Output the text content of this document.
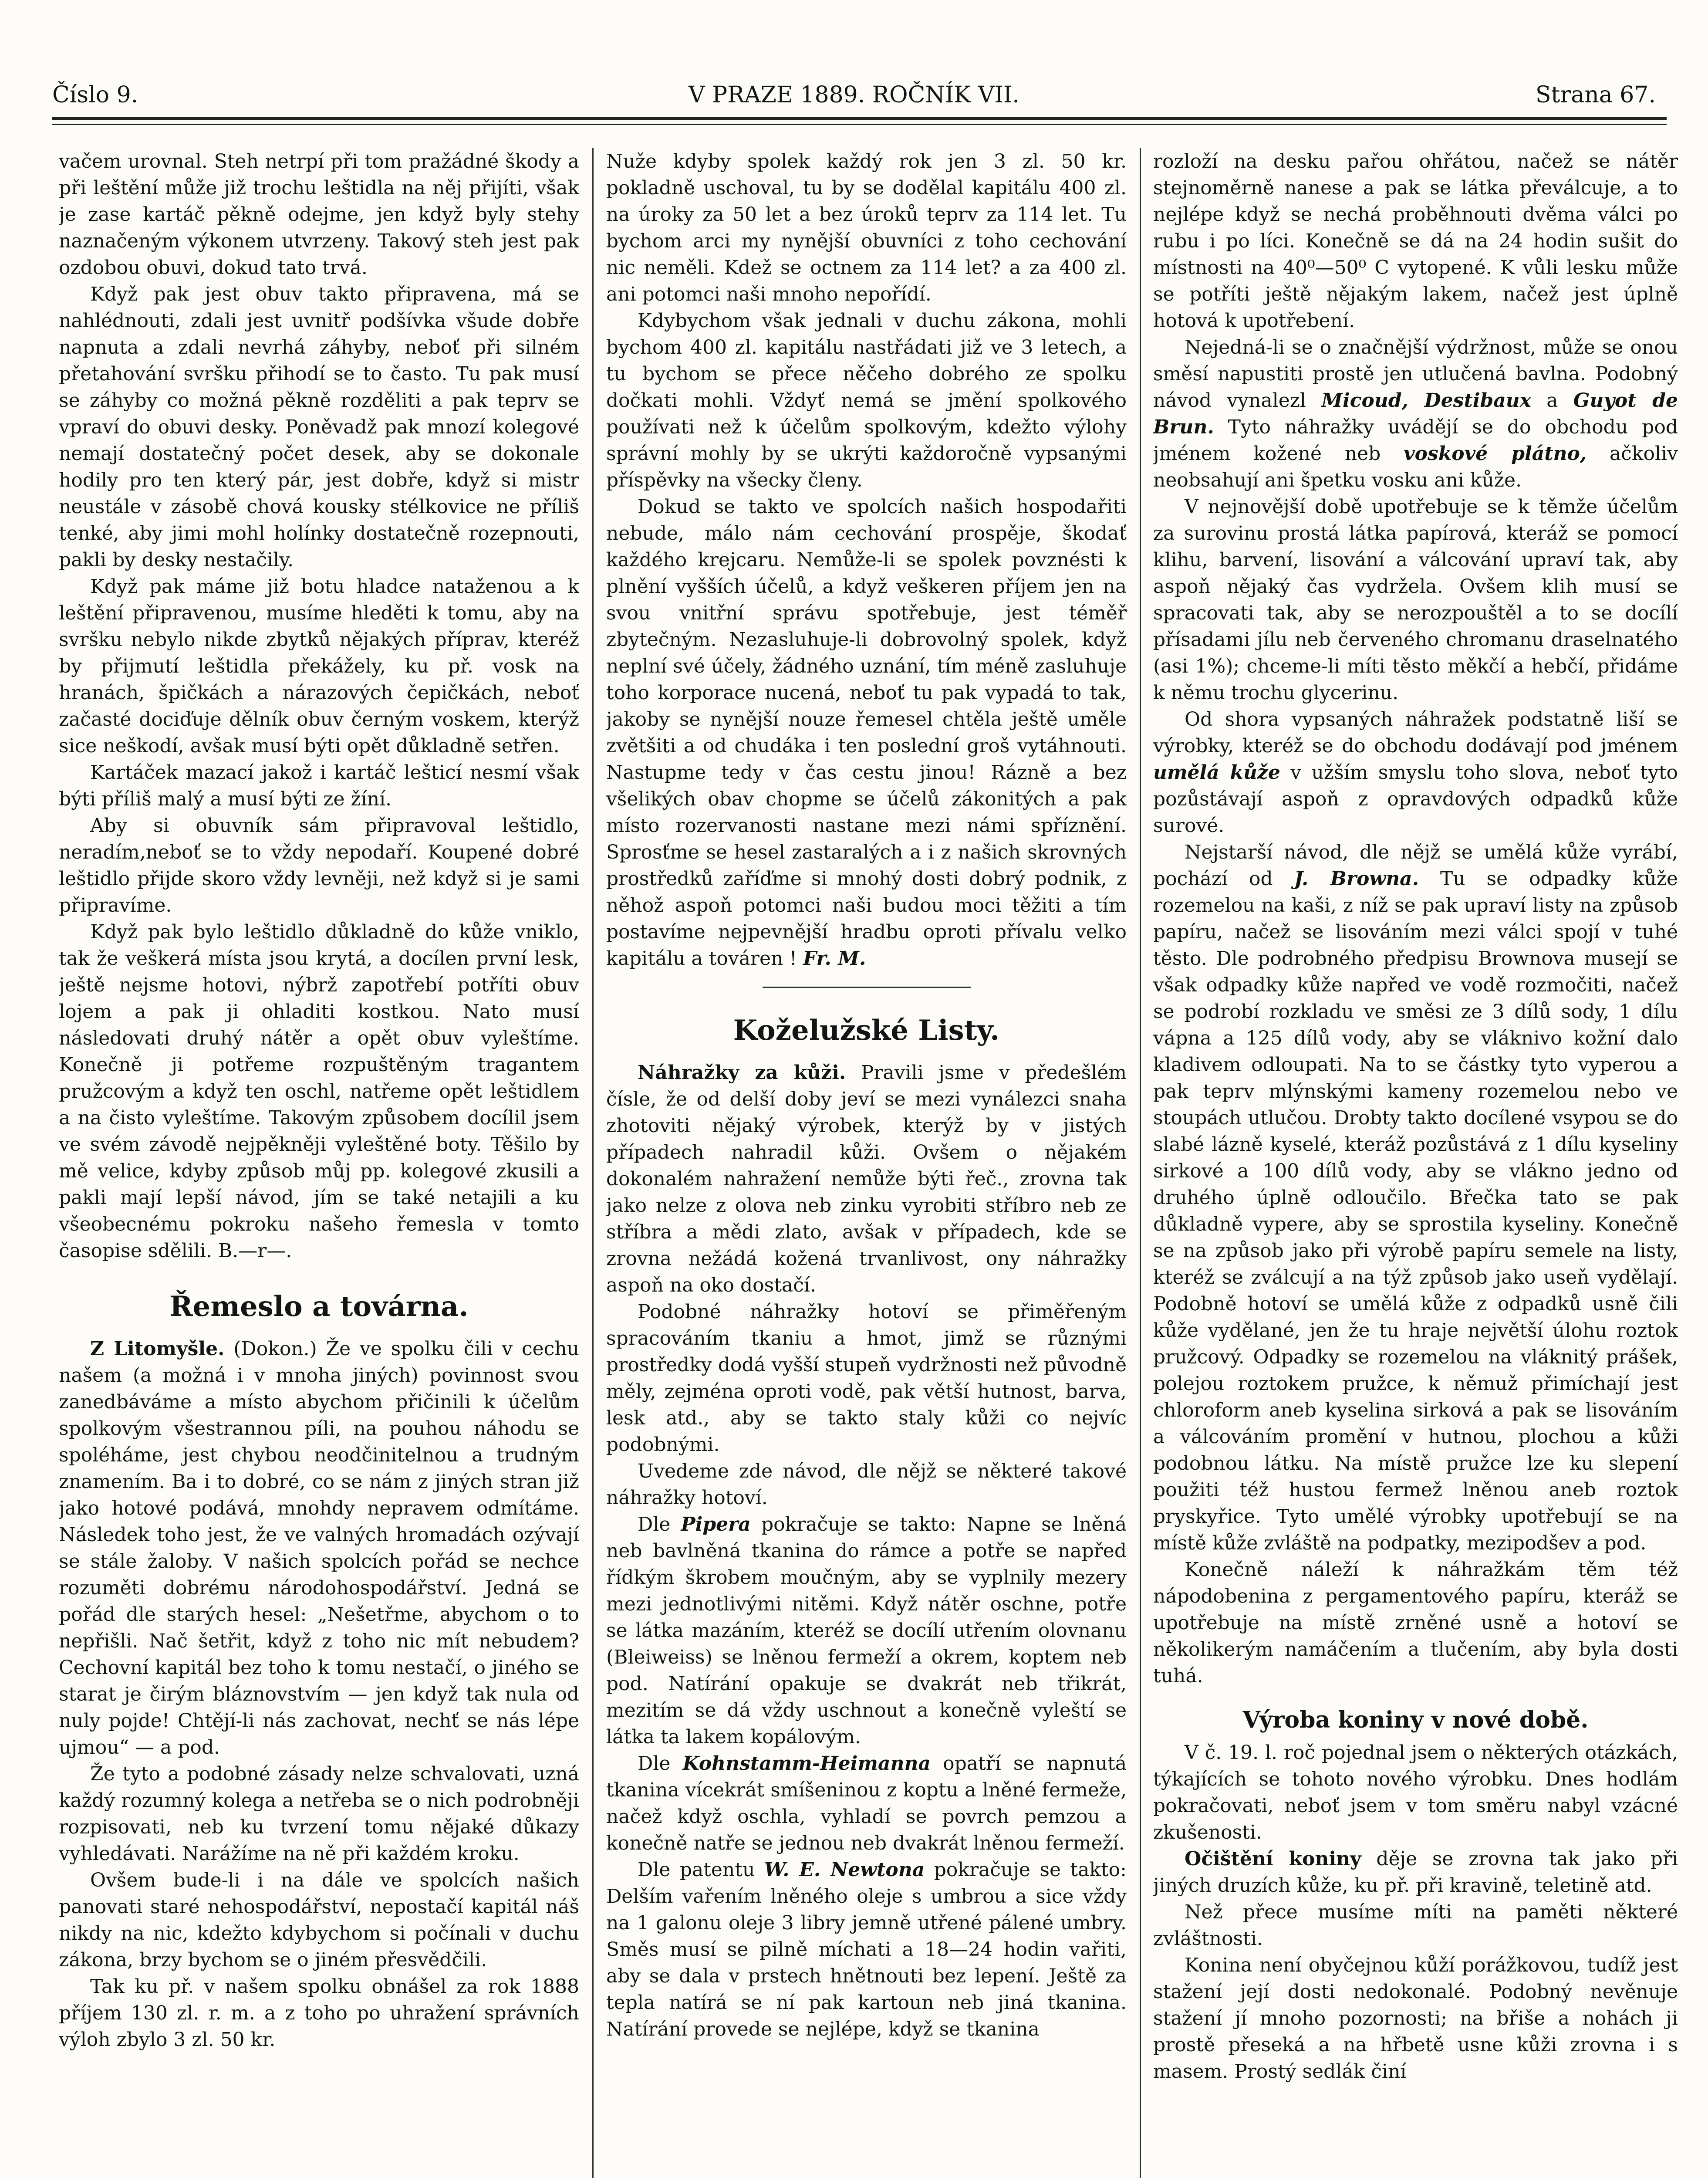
Číslo 9.	V PRAZE 1889. ROČNÍK VII.	Strana 67.

vačem urovnal. Steh netrpí při tom pražádné škody a při leštění může již trochu leštidla na něj přijíti, však je zase kartáč pěkně odejme, jen když byly stehy naznačeným výkonem utvrzeny. Takový steh jest pak ozdobou obuvi, dokud tato trvá.

Když pak jest obuv takto připravena, má se nahlédnouti, zdali jest uvnitř podšívka všude dobře napnuta a zdali nevrhá záhyby, neboť při silném přetahování svršku přihodí se to často. Tu pak musí se záhyby co možná pěkně rozděliti a pak teprv se vpraví do obuvi desky. Poněvadž pak mnozí kolegové nemají dostatečný počet desek, aby se dokonale hodily pro ten který pár, jest dobře, když si mistr neustále v zásobě chová kousky stélkovice ne příliš tenké, aby jimi mohl holínky dostatečně rozepnouti, pakli by desky nestačily.

Když pak máme již botu hladce nataženou a k leštění připravenou, musíme hleděti k tomu, aby na svršku nebylo nikde zbytků nějakých příprav, kteréž by přijmutí leštidla překážely, ku př. vosk na hranách, špičkách a nárazových čepičkách, neboť začasté dociďuje dělník obuv černým voskem, kterýž sice neškodí, avšak musí býti opět důkladně setřen.

Kartáček mazací jakož i kartáč lešticí nesmí však býti příliš malý a musí býti ze žíní.

Aby si obuvník sám připravoval leštidlo, neradím,neboť se to vždy nepodaří. Koupené dobré leštidlo přijde skoro vždy levněji, než když si je sami připravíme.

Když pak bylo leštidlo důkladně do kůže vniklo, tak že veškerá místa jsou krytá, a docílen první lesk, ještě nejsme hotovi, nýbrž zapotřebí potříti obuv lojem a pak ji ohladiti kostkou. Nato musí následovati druhý nátěr a opět obuv vyleštíme. Konečně ji potřeme rozpuštěným tragantem pružcovým a když ten oschl, natřeme opět leštidlem a na čisto vyleštíme. Takovým způsobem docílil jsem ve svém závodě nejpěkněji vyleštěné boty. Těšilo by mě velice, kdyby způsob můj pp. kolegové zkusili a pakli mají lepší návod, jím se také netajili a ku všeobecnému pokroku našeho řemesla v tomto časopise sdělili. B.—r—.

Řemeslo a továrna.

Z Litomyšle. (Dokon.) Že ve spolku čili v cechu našem (a možná i v mnoha jiných) povinnost svou zanedbáváme a místo abychom přičinili k účelům spolkovým všestrannou píli, na pouhou náhodu se spoléháme, jest chybou neodčinitelnou a trudným znamením. Ba i to dobré, co se nám z jiných stran již jako hotové podává, mnohdy nepravem odmítáme. Následek toho jest, že ve valných hromadách ozývají se stále žaloby. V našich spolcích pořád se nechce rozuměti dobrému národohospodářství. Jedná se pořád dle starých hesel: „Nešetřme, abychom o to nepřišli. Nač šetřit, když z toho nic mít nebudem? Cechovní kapitál bez toho k tomu nestačí, o jiného se starat je čirým bláznovstvím — jen když tak nula od nuly pojde! Chtějí-li nás zachovat, nechť se nás lépe ujmou“ — a pod.

Že tyto a podobné zásady nelze schvalovati, uzná každý rozumný kolega a netřeba se o nich podrobněji rozpisovati, neb ku tvrzení tomu nějaké důkazy vyhledávati. Narážíme na ně při každém kroku.

Ovšem bude-li i na dále ve spolcích našich panovati staré nehospodářství, nepostačí kapitál náš nikdy na nic, kdežto kdybychom si počínali v duchu zákona, brzy bychom se o jiném přesvědčili.

Tak ku př. v našem spolku obnášel za rok 1888 příjem 130 zl. r. m. a z toho po uhražení správních výloh zbylo 3 zl. 50 kr.

Nuže kdyby spolek každý rok jen 3 zl. 50 kr. pokladně uschoval, tu by se dodělal kapitálu 400 zl. na úroky za 50 let a bez úroků teprv za 114 let. Tu bychom arci my nynější obuvníci z toho cechování nic neměli. Kdež se octnem za 114 let? a za 400 zl. ani potomci naši mnoho nepořídí.

Kdybychom však jednali v duchu zákona, mohli bychom 400 zl. kapitálu nastřádati již ve 3 letech, a tu bychom se přece něčeho dobrého ze spolku dočkati mohli. Vždyť nemá se jmění spolkového používati než k účelům spolkovým, kdežto výlohy správní mohly by se ukrýti každoročně vypsanými příspěvky na všecky členy.

Dokud se takto ve spolcích našich hospodařiti nebude, málo nám cechování prospěje, škodať každého krejcaru. Nemůže-li se spolek povznésti k plnění vyšších účelů, a když veškeren příjem jen na svou vnitřní správu spotřebuje, jest téměř zbytečným. Nezasluhuje-li dobrovolný spolek, když neplní své účely, žádného uznání, tím méně zasluhuje toho korporace nucená, neboť tu pak vypadá to tak, jakoby se nynější nouze řemesel chtěla ještě uměle zvětšiti a od chudáka i ten poslední groš vytáhnouti. Nastupme tedy v čas cestu jinou! Rázně a bez všelikých obav chopme se účelů zákonitých a pak místo rozervanosti nastane mezi námi spříznění. Sprosťme se hesel zastaralých a i z našich skrovných prostředků zaříďme si mnohý dosti dobrý podnik, z něhož aspoň potomci naši budou moci těžiti a tím postavíme nejpevnější hradbu oproti přívalu velko kapitálu a továren ! Fr. M.

Koželužské Listy.

Náhražky za kůži. Pravili jsme v předešlém čísle, že od delší doby jeví se mezi vynálezci snaha zhotoviti nějaký výrobek, kterýž by v jistých případech nahradil kůži. Ovšem o nějakém dokonalém nahražení nemůže býti řeč., zrovna tak jako nelze z olova neb zinku vyrobiti stříbro neb ze stříbra a mědi zlato, avšak v případech, kde se zrovna nežádá kožená trvanlivost, ony náhražky aspoň na oko dostačí.

Podobné náhražky hotoví se přiměřeným spracováním tkaniu a hmot, jimž se různými prostředky dodá vyšší stupeň vydržnosti než původně měly, zejména oproti vodě, pak větší hutnost, barva, lesk atd., aby se takto staly kůži co nejvíc podobnými.

Uvedeme zde návod, dle nějž se některé takové náhražky hotoví.

Dle Pipera pokračuje se takto: Napne se lněná neb bavlněná tkanina do rámce a potře se napřed řídkým škrobem moučným, aby se vyplnily mezery mezi jednotlivými nitěmi. Když nátěr oschne, potře se látka mazáním, kteréž se docílí utřením olovnanu (Bleiweiss) se lněnou fermeží a okrem, koptem neb pod. Natírání opakuje se dvakrát neb třikrát, mezitím se dá vždy uschnout a konečně vyleští se látka ta lakem kopálovým.

Dle Kohnstamm-Heimanna opatří se napnutá tkanina vícekrát smíšeninou z koptu a lněné fermeže, načež když oschla, vyhladí se povrch pemzou a konečně natře se jednou neb dvakrát lněnou fermeží.

Dle patentu W. E. Newtona pokračuje se takto: Delším vařením lněného oleje s umbrou a sice vždy na 1 galonu oleje 3 libry jemně utřené pálené umbry. Směs musí se pilně míchati a 18—24 hodin vařiti, aby se dala v prstech hnětnouti bez lepení. Ještě za tepla natírá se ní pak kartoun neb jiná tkanina. Natírání provede se nejlépe, když se tkanina

rozloží na desku pařou ohřátou, načež se nátěr stejnoměrně nanese a pak se látka převálcuje, a to nejlépe když se nechá proběhnouti dvěma válci po rubu i po líci. Konečně se dá na 24 hodin sušit do místnosti na 40⁰—50⁰ C vytopené. K vůli lesku může se potříti ještě nějakým lakem, načež jest úplně hotová k upotřebení.

Nejedná-li se o značnější výdržnost, může se onou směsí napustiti prostě jen utlučená bavlna. Podobný návod vynalezl Micoud, Destibaux a Guyot de Brun. Tyto náhražky uvádějí se do obchodu pod jménem kožené neb voskové plátno, ačkoliv neobsahují ani špetku vosku ani kůže.

V nejnovější době upotřebuje se k těmže účelům za surovinu prostá látka papírová, kteráž se pomocí klihu, barvení, lisování a válcování upraví tak, aby aspoň nějaký čas vydržela. Ovšem klih musí se spracovati tak, aby se nerozpouštěl a to se docílí přísadami jílu neb červeného chromanu draselnatého (asi 1%); chceme-li míti těsto měkčí a hebčí, přidáme k němu trochu glycerinu.

Od shora vypsaných náhražek podstatně liší se výrobky, kteréž se do obchodu dodávají pod jménem umělá kůže v užším smyslu toho slova, neboť tyto pozůstávají aspoň z opravdových odpadků kůže surové.

Nejstarší návod, dle nějž se umělá kůže vyrábí, pochází od J. Browna. Tu se odpadky kůže rozemelou na kaši, z níž se pak upraví listy na způsob papíru, načež se lisováním mezi válci spojí v tuhé těsto. Dle podrobného předpisu Brownova musejí se však odpadky kůže napřed ve vodě rozmočiti, načež se podrobí rozkladu ve směsi ze 3 dílů sody, 1 dílu vápna a 125 dílů vody, aby se vláknivo kožní dalo kladivem odloupati. Na to se částky tyto vyperou a pak teprv mlýnskými kameny rozemelou nebo ve stoupách utlučou. Drobty takto docílené vsypou se do slabé lázně kyselé, kteráž pozůstává z 1 dílu kyseliny sirkové a 100 dílů vody, aby se vlákno jedno od druhého úplně odloučilo. Břečka tato se pak důkladně vypere, aby se sprostila kyseliny. Konečně se na způsob jako při výrobě papíru semele na listy, kteréž se zválcují a na týž způsob jako useň vydělají. Podobně hotoví se umělá kůže z odpadků usně čili kůže vydělané, jen že tu hraje největší úlohu roztok pružcový. Odpadky se rozemelou na vláknitý prášek, polejou roztokem pružce, k němuž přimíchají jest chloroform aneb kyselina sirková a pak se lisováním a válcováním promění v hutnou, plochou a kůži podobnou látku. Na místě pružce lze ku slepení použiti též hustou fermež lněnou aneb roztok pryskyřice. Tyto umělé výrobky upotřebují se na místě kůže zvláště na podpatky, mezipodšev a pod.

Konečně náleží k náhražkám těm též nápodobenina z pergamentového papíru, kteráž se upotřebuje na místě zrněné usně a hotoví se několikerým namáčením a tlučením, aby byla dosti tuhá.

Výroba koniny v nové době.

V č. 19. l. roč pojednal jsem o některých otázkách, týkajících se tohoto nového výrobku. Dnes hodlám pokračovati, neboť jsem v tom směru nabyl vzácné zkušenosti.

Očištění koniny děje se zrovna tak jako při jiných druzích kůže, ku př. při kravině, teletině atd.

Než přece musíme míti na paměti některé zvláštnosti.

Konina není obyčejnou kůží porážkovou, tudíž jest stažení její dosti nedokonalé. Podobný nevěnuje stažení jí mnoho pozornosti; na břiše a nohách ji prostě přeseká a na hřbetě usne kůži zrovna i s masem. Prostý sedlák činí
